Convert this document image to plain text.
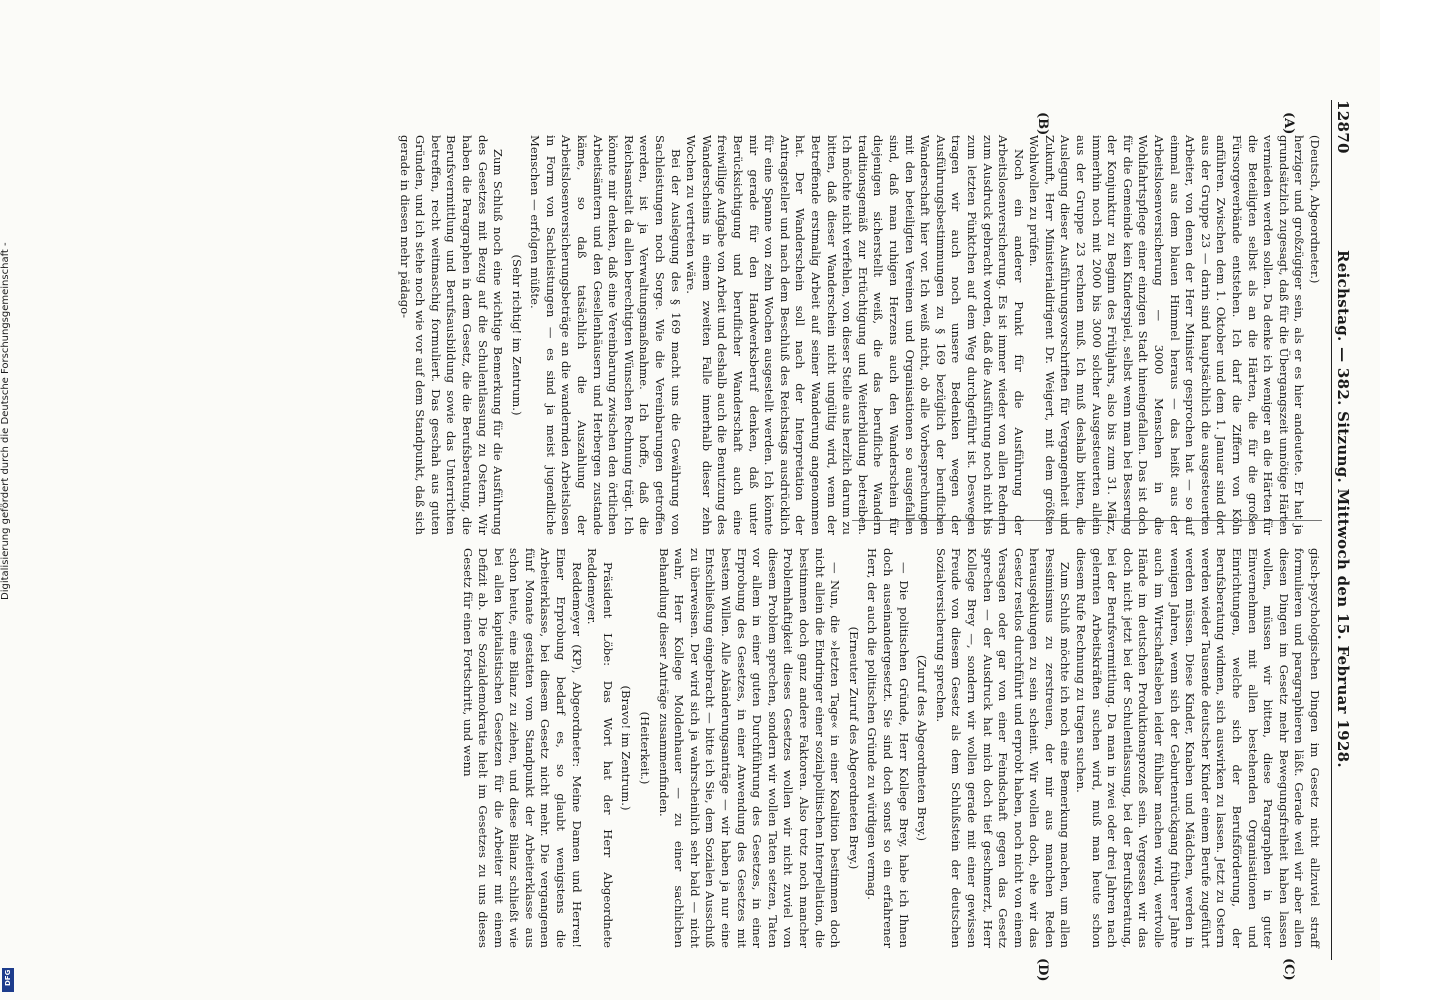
12870
Reichstag. — 382. Sitzung. Mittwoch den 15. Februar 1928.
(A)
(B)
(C)
(D)

(Deutsch, Abgeordneter.)

herziger und großzügiger sein, als er es hier andeutete. Er hat ja grundsätzlich zugesagt, daß für die Übergangszeit unnötige Härten vermieden werden sollen. Da denke ich weniger an die Härten für die Beteiligten selbst als an die Härten, die für die großen Fürsorgeverbände entstehen. Ich darf die Ziffern von Köln anführen. Zwischen dem 1. Oktober und dem 1. Januar sind dort aus der Gruppe 23 — darin sind hauptsächlich die ausgesteuerten Arbeiter, von denen der Herr Minister gesprochen hat — so auf einmal aus dem blauen Himmel heraus — das heißt aus der Arbeitslosenversicherung — 3000 Menschen in die Wohlfahrtspflege einer einzigen Stadt hineingefallen. Das ist doch für die Gemeinde kein Kinderspiel, selbst wenn man bei Besserung der Konjunktur zu Beginn des Frühjahrs, also bis zum 31. März, immerhin noch mit 2000 bis 3000 solcher Ausgesteuerten allein aus der Gruppe 23 rechnen muß. Ich muß deshalb bitten, die Auslegung dieser Ausführungsvorschriften für Vergangenheit und Zukunft, Herr Ministerialdirigent Dr. Weigert, mit dem größten Wohlwollen zu prüfen.

Noch ein anderer Punkt für die Ausführung der Arbeitslosenversicherung. Es ist immer wieder von allen Rednern zum Ausdruck gebracht worden, daß die Ausführung noch nicht bis zum letzten Pünktchen auf dem Weg durchgeführt ist. Deswegen tragen wir auch noch unsere Bedenken wegen der Ausführungsbestimmungen zu § 169 bezüglich der beruflichen Wanderschaft hier vor. Ich weiß nicht, ob alle Vorbesprechungen mit den beteiligten Vereinen und Organisationen so ausgefallen sind, daß man ruhigen Herzens auch den Wanderschein für diejenigen sicherstellt weiß, die das berufliche Wandern traditionsgemäß zur Ertüchtigung und Weiterbildung betreiben. Ich möchte nicht verfehlen, von dieser Stelle aus herzlich darum zu bitten, daß dieser Wanderschein nicht ungültig wird, wenn der Betreffende erstmalig Arbeit auf seiner Wanderung angenommen hat. Der Wanderschein soll nach der Interpretation der Antragsteller und nach dem Beschluß des Reichstags ausdrücklich für eine Spanne von zehn Wochen ausgestellt werden. Ich könnte mir gerade für den Handwerksberuf denken, daß unter Berücksichtigung und beruflicher Wanderschaft auch eine freiwillige Aufgabe von Arbeit und deshalb auch die Benutzung des Wanderscheins in einem zweiten Falle innerhalb dieser zehn Wochen zu vertreten wäre.

Bei der Auslegung des § 169 macht uns die Gewährung von Sachleistungen noch Sorge. Wie die Vereinbarungen getroffen werden, ist ja Verwaltungsmaßnahme. Ich hoffe, daß die Reichsanstalt da allen berechtigten Wünschen Rechnung trägt. Ich könnte mir denken, daß eine Vereinbarung zwischen den örtlichen Arbeitsämtern und den Gesellenhäusern und Herbergen zustande käme, so daß tatsächlich die Auszahlung der Arbeitslosenversicherungsbeträge an die wandernden Arbeitslosen in Form von Sachleistungen — es sind ja meist jugendliche Menschen — erfolgen müßte.

(Sehr richtig! im Zentrum.)

Zum Schluß noch eine wichtige Bemerkung für die Ausführung des Gesetzes mit Bezug auf die Schulentlassung zu Ostern. Wir haben die Paragraphen in dem Gesetz, die die Berufsberatung, die Berufsvermittlung und Berufsausbildung sowie das Unterrichten betreffen, recht weitmaschig formuliert. Das geschah aus guten Gründen, und ich stehe noch wie vor auf dem Standpunkt, daß sich gerade in diesen mehr pädago-

gisch-psychologischen Dingen im Gesetz nicht allzuviel straff formulieren und paragraphieren läßt. Gerade weil wir aber allen diesen Dingen im Gesetz mehr Bewegungsfreiheit haben lassen wollen, müssen wir bitten, diese Paragraphen in guter Einvernehmen mit allen bestehenden Organisationen und Einrichtungen, welche sich der Berufsförderung, der Berufsberatung widmen, sich auswirken zu lassen. Jetzt zu Ostern werden wieder Tausende deutscher Kinder einem Berufe zugeführt werden müssen. Diese Kinder, Knaben und Mädchen, werden in wenigen Jahren, wenn sich der Geburtenrückgang früherer Jahre auch im Wirtschaftsleben leider fühlbar machen wird, wertvolle Hände im deutschen Produktionsprozeß sein. Vergessen wir das doch nicht jetzt bei der Schulentlassung, bei der Berufsberatung, bei der Berufsvermittlung. Da man in zwei oder drei Jahren nach gelernten Arbeitskräften suchen wird, muß man heute schon diesem Rufe Rechnung zu tragen suchen.

Zum Schluß möchte ich noch eine Bemerkung machen, um allen Pessimismus zu zerstreuen, der mir aus manchen Reden herausgeklungen zu sein scheint. Wir wollen doch, ehe wir das Gesetz restlos durchführt und erprobt haben, noch nicht von einem Versagen oder gar von einer Feindschaft gegen das Gesetz sprechen — der Ausdruck hat mich doch tief geschmerzt, Herr Kollege Brey —, sondern wir wollen gerade mit einer gewissen Freude von diesem Gesetz als dem Schlußstein der deutschen Sozialversicherung sprechen.

(Zuruf des Abgeordneten Brey.)

— Die politischen Gründe, Herr Kollege Brey, habe ich Ihnen doch auseinandergesetzt. Sie sind doch sonst so ein erfahrener Herr, der auch die politischen Gründe zu würdigen vermag.

(Erneuter Zuruf des Abgeordneten Brey.)

— Nun, die »letzten Tage« in einer Koalition bestimmen doch nicht allein die Eindringer einer sozialpolitischen Interpellation, die bestimmen doch ganz andere Faktoren. Also trotz noch mancher Problemhaftigkeit dieses Gesetzes wollen wir nicht zuviel von diesem Problem sprechen, sondern wir wollen Taten setzen, Taten vor allem in einer guten Durchführung des Gesetzes, in einer Erprobung des Gesetzes, in einer Anwendung des Gesetzes mit bestem Willen. Alle Abänderungsanträge — wir haben ja nur eine Entschließung eingebracht — bitte ich Sie, dem Sozialen Ausschuß zu überweisen. Der wird sich ja wahrscheinlich sehr bald — nicht wahr, Herr Kollege Moldenhauer — zu einer sachlichen Behandlung dieser Anträge zusammenfinden.

(Heiterkeit.)

(Bravo! im Zentrum.)

Präsident Löbe: Das Wort hat der Herr Abgeordnete Reddemeyer.

Reddemeyer (KP), Abgeordneter: Meine Damen und Herren! Einer Erprobung bedarf es, so glaubt wenigstens die Arbeiterklasse, bei diesem Gesetz nicht mehr. Die vergangenen fünf Monate gestatten vom Standpunkt der Arbeiterklasse aus schon heute, eine Bilanz zu ziehen, und diese Bilanz schließt wie bei allen kapitalistischen Gesetzen für die Arbeiter mit einem Defizit ab. Die Sozialdemokratie hielt im Gesetzes zu uns dieses Gesetz für einen Fortschritt, und wenn

Digitalisierung gefördert durch die Deutsche Forschungsgemeinschaft -
DFG
